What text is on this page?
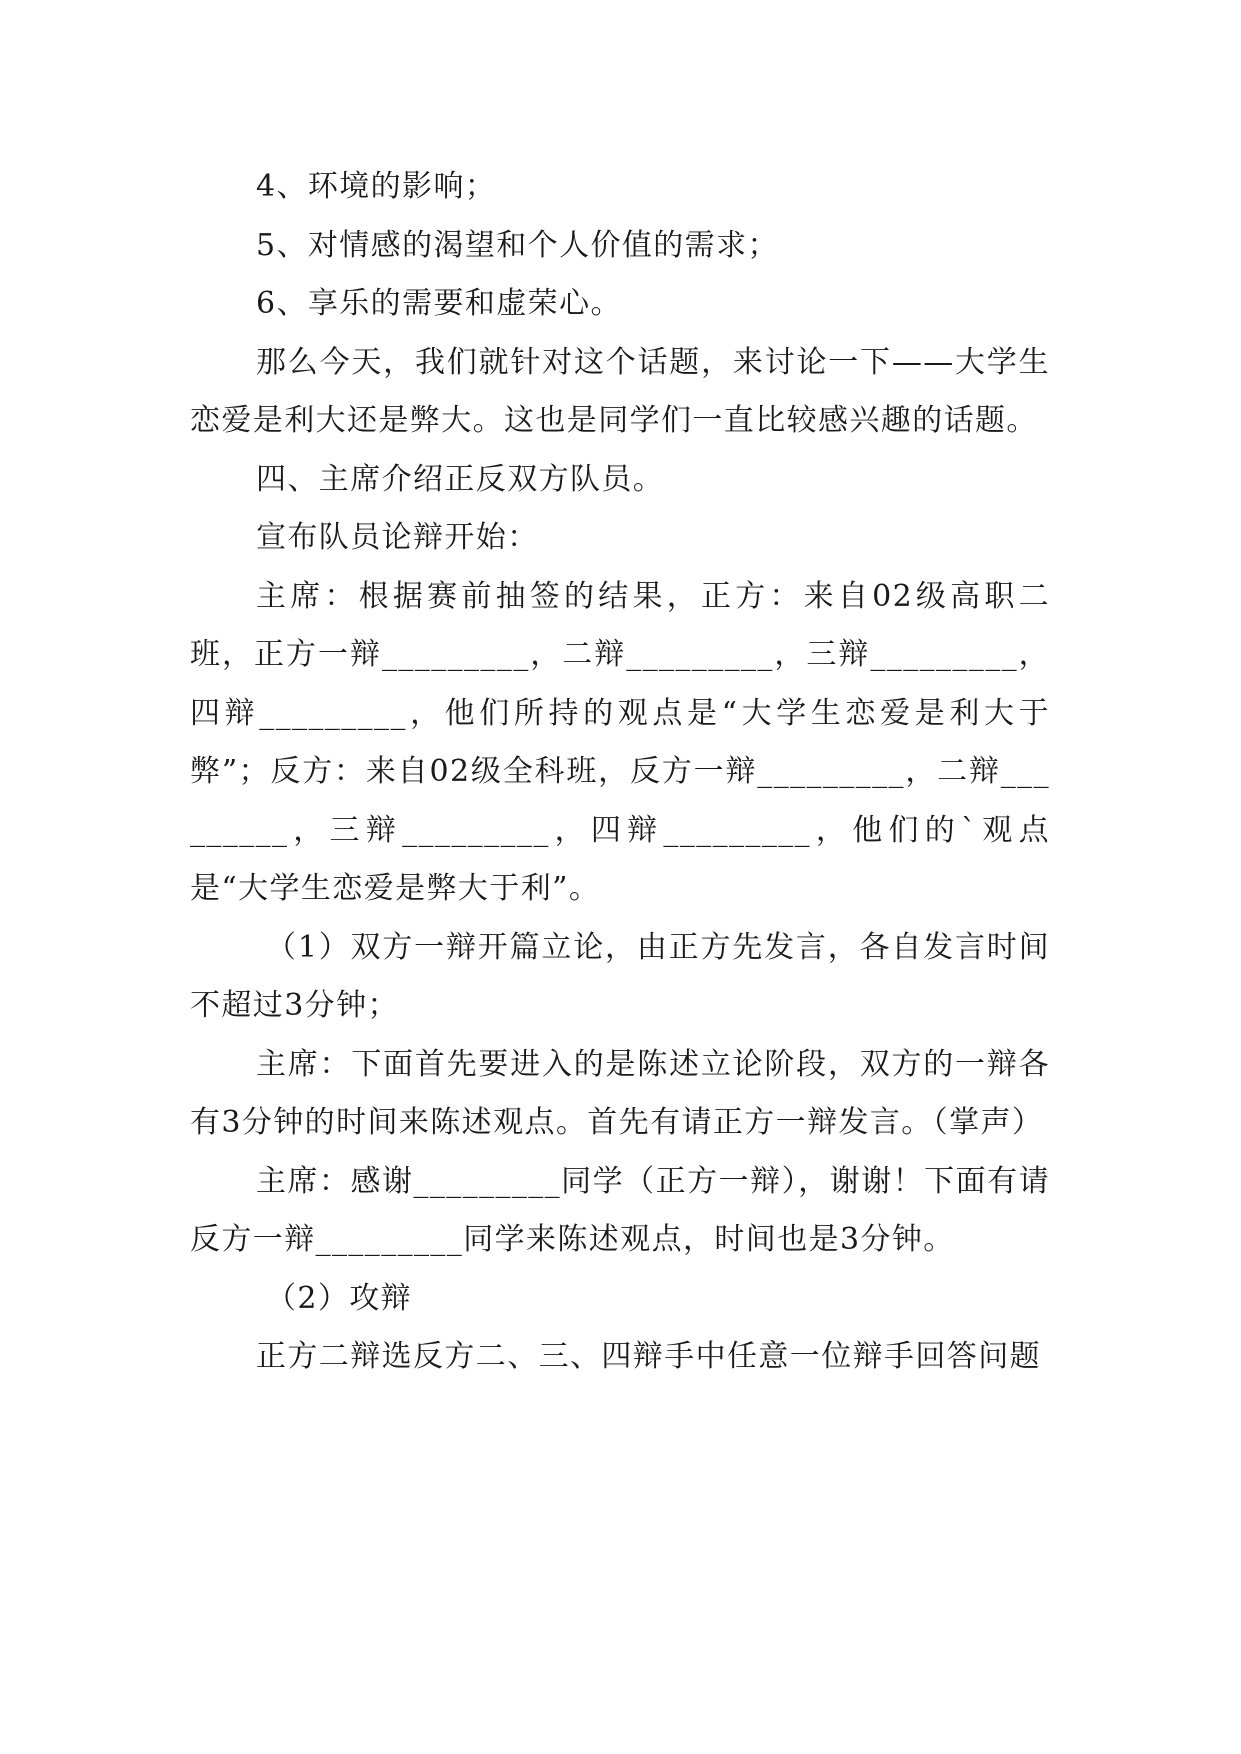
4、环境的影响；

5、对情感的渴望和个人价值的需求；

6、享乐的需要和虚荣心。

那么今天，我们就针对这个话题，来讨论一下——大学生恋爱是利大还是弊大。这也是同学们一直比较感兴趣的话题。

四、主席介绍正反双方队员。

宣布队员论辩开始：

主席：根据赛前抽签的结果，正方：来自02级高职二班，正方一辩_________，二辩_________，三辩_________，四辩_________，他们所持的观点是“大学生恋爱是利大于弊”；反方：来自02级全科班，反方一辩_________，二辩_________，三辩_________，四辩_________，他们的`观点是“大学生恋爱是弊大于利”。

（1）双方一辩开篇立论，由正方先发言，各自发言时间不超过3分钟；

主席：下面首先要进入的是陈述立论阶段，双方的一辩各有3分钟的时间来陈述观点。首先有请正方一辩发言。（掌声）

主席：感谢_________同学（正方一辩），谢谢！下面有请反方一辩_________同学来陈述观点，时间也是3分钟。

（2）攻辩

正方二辩选反方二、三、四辩手中任意一位辩手回答问题
